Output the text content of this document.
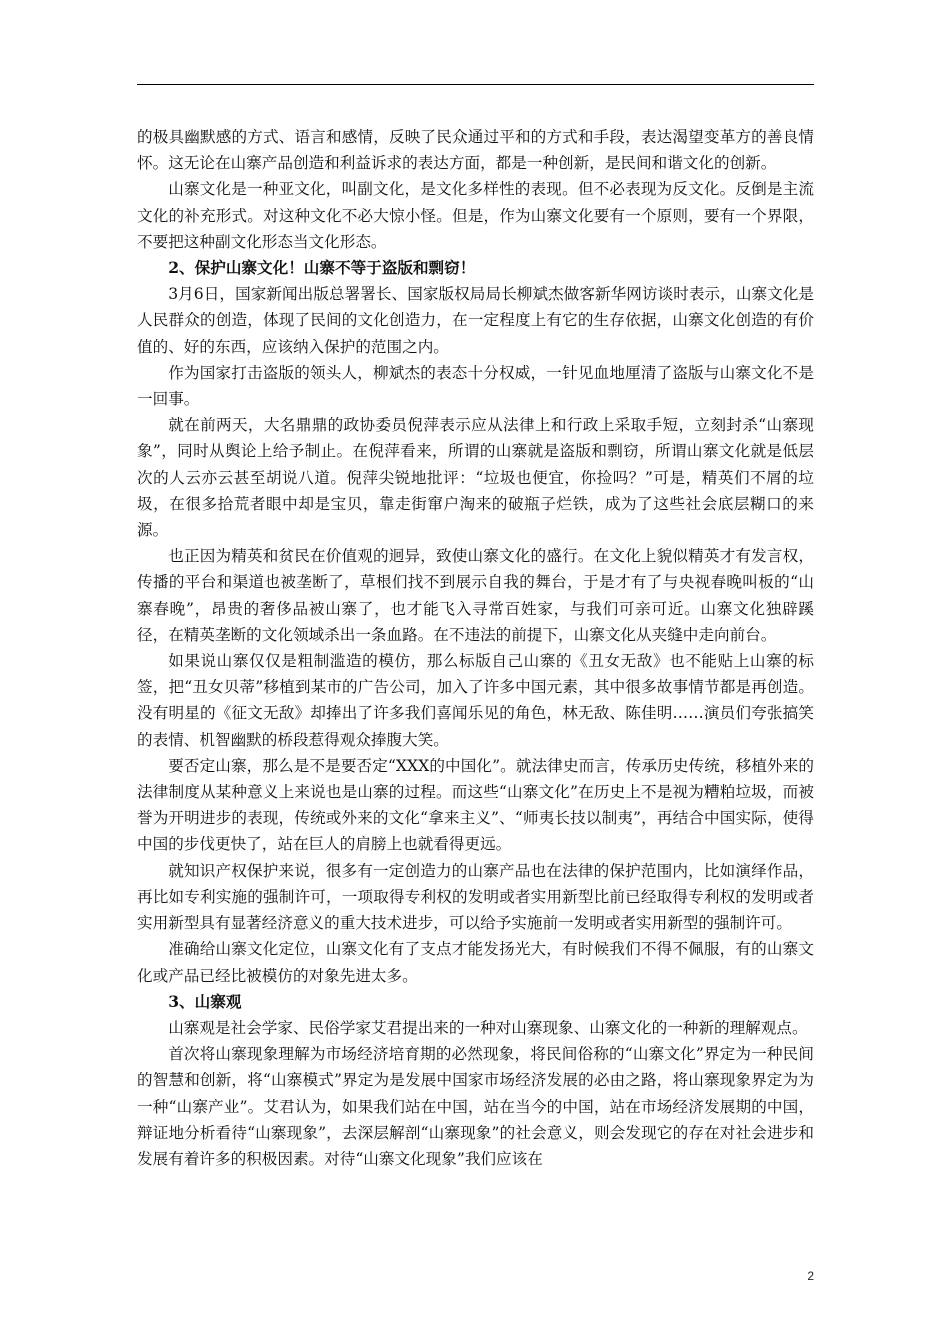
的极具幽默感的方式、语言和感情，反映了民众通过平和的方式和手段，表达渴望变革方的善良情怀。这无论在山寨产品创造和利益诉求的表达方面，都是一种创新，是民间和谐文化的创新。

山寨文化是一种亚文化，叫副文化，是文化多样性的表现。但不必表现为反文化。反倒是主流文化的补充形式。对这种文化不必大惊小怪。但是，作为山寨文化要有一个原则，要有一个界限，不要把这种副文化形态当文化形态。

2、保护山寨文化！山寨不等于盗版和剽窃！

3月6日，国家新闻出版总署署长、国家版权局局长柳斌杰做客新华网访谈时表示，山寨文化是人民群众的创造，体现了民间的文化创造力，在一定程度上有它的生存依据，山寨文化创造的有价值的、好的东西，应该纳入保护的范围之内。

作为国家打击盗版的领头人，柳斌杰的表态十分权威，一针见血地厘清了盗版与山寨文化不是一回事。

就在前两天，大名鼎鼎的政协委员倪萍表示应从法律上和行政上采取手短，立刻封杀“山寨现象”，同时从舆论上给予制止。在倪萍看来，所谓的山寨就是盗版和剽窃，所谓山寨文化就是低层次的人云亦云甚至胡说八道。倪萍尖锐地批评：“垃圾也便宜，你捡吗？”可是，精英们不屑的垃圾，在很多拾荒者眼中却是宝贝，靠走街窜户淘来的破瓶子烂铁，成为了这些社会底层糊口的来源。

也正因为精英和贫民在价值观的迥异，致使山寨文化的盛行。在文化上貌似精英才有发言权，传播的平台和渠道也被垄断了，草根们找不到展示自我的舞台，于是才有了与央视春晚叫板的“山寨春晚”，昂贵的奢侈品被山寨了，也才能飞入寻常百姓家，与我们可亲可近。山寨文化独辟蹊径，在精英垄断的文化领域杀出一条血路。在不违法的前提下，山寨文化从夹缝中走向前台。

如果说山寨仅仅是粗制滥造的模仿，那么标版自己山寨的《丑女无敌》也不能贴上山寨的标签，把“丑女贝蒂”移植到某市的广告公司，加入了许多中国元素，其中很多故事情节都是再创造。没有明星的《征文无敌》却捧出了许多我们喜闻乐见的角色，林无敌、陈佳明……演员们夸张搞笑的表情、机智幽默的桥段惹得观众捧腹大笑。

要否定山寨，那么是不是要否定“XXX的中国化”。就法律史而言，传承历史传统，移植外来的法律制度从某种意义上来说也是山寨的过程。而这些“山寨文化”在历史上不是视为糟粕垃圾，而被誉为开明进步的表现，传统或外来的文化“拿来主义”、“师夷长技以制夷”，再结合中国实际，使得中国的步伐更快了，站在巨人的肩膀上也就看得更远。

就知识产权保护来说，很多有一定创造力的山寨产品也在法律的保护范围内，比如演绎作品，再比如专利实施的强制许可，一项取得专利权的发明或者实用新型比前已经取得专利权的发明或者实用新型具有显著经济意义的重大技术进步，可以给予实施前一发明或者实用新型的强制许可。

准确给山寨文化定位，山寨文化有了支点才能发扬光大，有时候我们不得不佩服，有的山寨文化或产品已经比被模仿的对象先进太多。

3、山寨观

山寨观是社会学家、民俗学家艾君提出来的一种对山寨现象、山寨文化的一种新的理解观点。

首次将山寨现象理解为市场经济培育期的必然现象，将民间俗称的“山寨文化”界定为一种民间的智慧和创新，将“山寨模式”界定为是发展中国家市场经济发展的必由之路，将山寨现象界定为为一种“山寨产业”。艾君认为，如果我们站在中国，站在当今的中国，站在市场经济发展期的中国，辩证地分析看待“山寨现象”，去深层解剖“山寨现象”的社会意义，则会发现它的存在对社会进步和发展有着许多的积极因素。对待“山寨文化现象”我们应该在

2
